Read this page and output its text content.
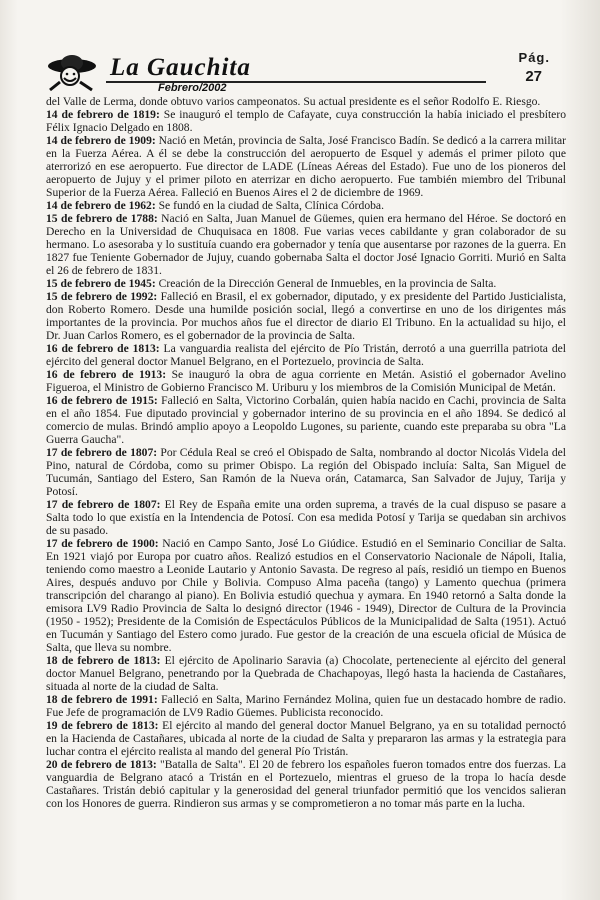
La Gauchita
Febrero/2002
Pág.
27

del Valle de Lerma, donde obtuvo varios campeonatos. Su actual presidente es el señor Rodolfo E. Riesgo.

14 de febrero de 1819: Se inauguró el templo de Cafayate, cuya construcción la había iniciado el presbítero Félix Ignacio Delgado en 1808.

14 de febrero de 1909: Nació en Metán, provincia de Salta, José Francisco Badín. Se dedicó a la carrera militar en la Fuerza Aérea. A él se debe la construcción del aeropuerto de Esquel y además el primer piloto que aterrorizó en ese aeropuerto. Fue director de LADE (Líneas Aéreas del Estado). Fue uno de los pioneros del aeropuerto de Jujuy y el primer piloto en aterrizar en dicho aeropuerto. Fue también miembro del Tribunal Superior de la Fuerza Aérea. Falleció en Buenos Aires el 2 de diciembre de 1969.

14 de febrero de 1962: Se fundó en la ciudad de Salta, Clínica Córdoba.

15 de febrero de 1788: Nació en Salta, Juan Manuel de Güemes, quien era hermano del Héroe. Se doctoró en Derecho en la Universidad de Chuquisaca en 1808. Fue varias veces cabildante y gran colaborador de su hermano. Lo asesoraba y lo sustituía cuando era gobernador y tenía que ausentarse por razones de la guerra. En 1827 fue Teniente Gobernador de Jujuy, cuando gobernaba Salta el doctor José Ignacio Gorriti. Murió en Salta el 26 de febrero de 1831.

15 de febrero de 1945: Creación de la Dirección General de Inmuebles, en la provincia de Salta.

15 de febrero de 1992: Falleció en Brasil, el ex gobernador, diputado, y ex presidente del Partido Justicialista, don Roberto Romero. Desde una humilde posición social, llegó a convertirse en uno de los dirigentes más importantes de la provincia. Por muchos años fue el director de diario El Tribuno. En la actualidad su hijo, el Dr. Juan Carlos Romero, es el gobernador de la provincia de Salta.

16 de febrero de 1813: La vanguardia realista del ejército de Pío Tristán, derrotó a una guerrilla patriota del ejército del general doctor Manuel Belgrano, en el Portezuelo, provincia de Salta.

16 de febrero de 1913: Se inauguró la obra de agua corriente en Metán. Asistió el gobernador Avelino Figueroa, el Ministro de Gobierno Francisco M. Uriburu y los miembros de la Comisión Municipal de Metán.

16 de febrero de 1915: Falleció en Salta, Victorino Corbalán, quien había nacido en Cachi, provincia de Salta en el año 1854. Fue diputado provincial y gobernador interino de su provincia en el año 1894. Se dedicó al comercio de mulas. Brindó amplio apoyo a Leopoldo Lugones, su pariente, cuando este preparaba su obra "La Guerra Gaucha".

17 de febrero de 1807: Por Cédula Real se creó el Obispado de Salta, nombrando al doctor Nicolás Videla del Pino, natural de Córdoba, como su primer Obispo. La región del Obispado incluía: Salta, San Miguel de Tucumán, Santiago del Estero, San Ramón de la Nueva orán, Catamarca, San Salvador de Jujuy, Tarija y Potosí.

17 de febrero de 1807: El Rey de España emite una orden suprema, a través de la cual dispuso se pasare a Salta todo lo que existía en la Intendencia de Potosí. Con esa medida Potosí y Tarija se quedaban sin archivos de su pasado.

17 de febrero de 1900: Nació en Campo Santo, José Lo Giúdice. Estudió en el Seminario Conciliar de Salta. En 1921 viajó por Europa por cuatro años. Realizó estudios en el Conservatorio Nacionale de Nápoli, Italia, teniendo como maestro a Leonide Lautario y Antonio Savasta. De regreso al país, residió un tiempo en Buenos Aires, después anduvo por Chile y Bolivia. Compuso Alma paceña (tango) y Lamento quechua (primera transcripción del charango al piano). En Bolivia estudió quechua y aymara. En 1940 retornó a Salta donde la emisora LV9 Radio Provincia de Salta lo designó director (1946 - 1949), Director de Cultura de la Provincia (1950 - 1952); Presidente de la Comisión de Espectáculos Públicos de la Municipalidad de Salta (1951). Actuó en Tucumán y Santiago del Estero como jurado. Fue gestor de la creación de una escuela oficial de Música de Salta, que lleva su nombre.

18 de febrero de 1813: El ejército de Apolinario Saravia (a) Chocolate, perteneciente al ejército del general doctor Manuel Belgrano, penetrando por la Quebrada de Chachapoyas, llegó hasta la hacienda de Castañares, situada al norte de la ciudad de Salta.

18 de febrero de 1991: Falleció en Salta, Marino Fernández Molina, quien fue un destacado hombre de radio. Fue Jefe de programación de LV9 Radio Güemes. Publicista reconocido.

19 de febrero de 1813: El ejército al mando del general doctor Manuel Belgrano, ya en su totalidad pernoctó en la Hacienda de Castañares, ubicada al norte de la ciudad de Salta y prepararon las armas y la estrategia para luchar contra el ejército realista al mando del general Pío Tristán.

20 de febrero de 1813: "Batalla de Salta". El 20 de febrero los españoles fueron tomados entre dos fuerzas. La vanguardia de Belgrano atacó a Tristán en el Portezuelo, mientras el grueso de la tropa lo hacía desde Castañares. Tristán debió capitular y la generosidad del general triunfador permitió que los vencidos salieran con los Honores de guerra. Rindieron sus armas y se comprometieron a no tomar más parte en la lucha.
